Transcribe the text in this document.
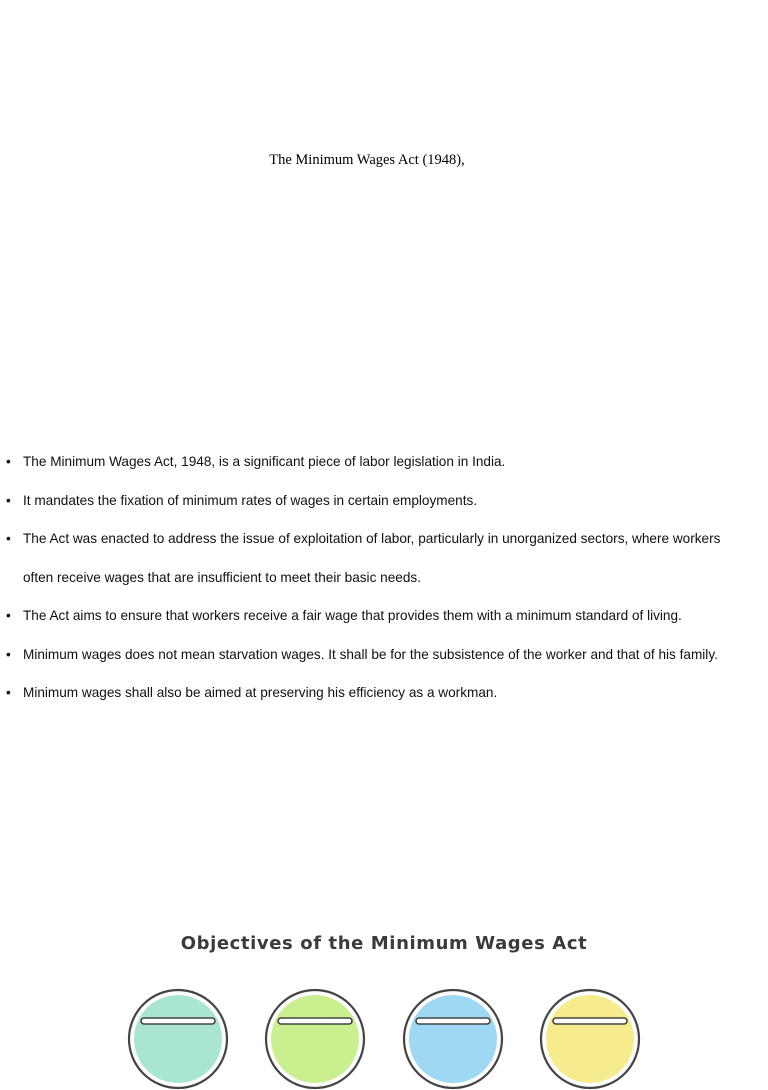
The Minimum Wages Act (1948),
• The Minimum Wages Act, 1948, is a significant piece of labor legislation in India.
• It mandates the fixation of minimum rates of wages in certain employments.
• The Act was enacted to address the issue of exploitation of labor, particularly in unorganized sectors, where workers often receive wages that are insufficient to meet their basic needs.
• The Act aims to ensure that workers receive a fair wage that provides them with a minimum standard of living.
• Minimum wages does not mean starvation wages. It shall be for the subsistence of the worker and that of his family.
• Minimum wages shall also be aimed at preserving his efficiency as a workman.
Objectives of the Minimum Wages Act
